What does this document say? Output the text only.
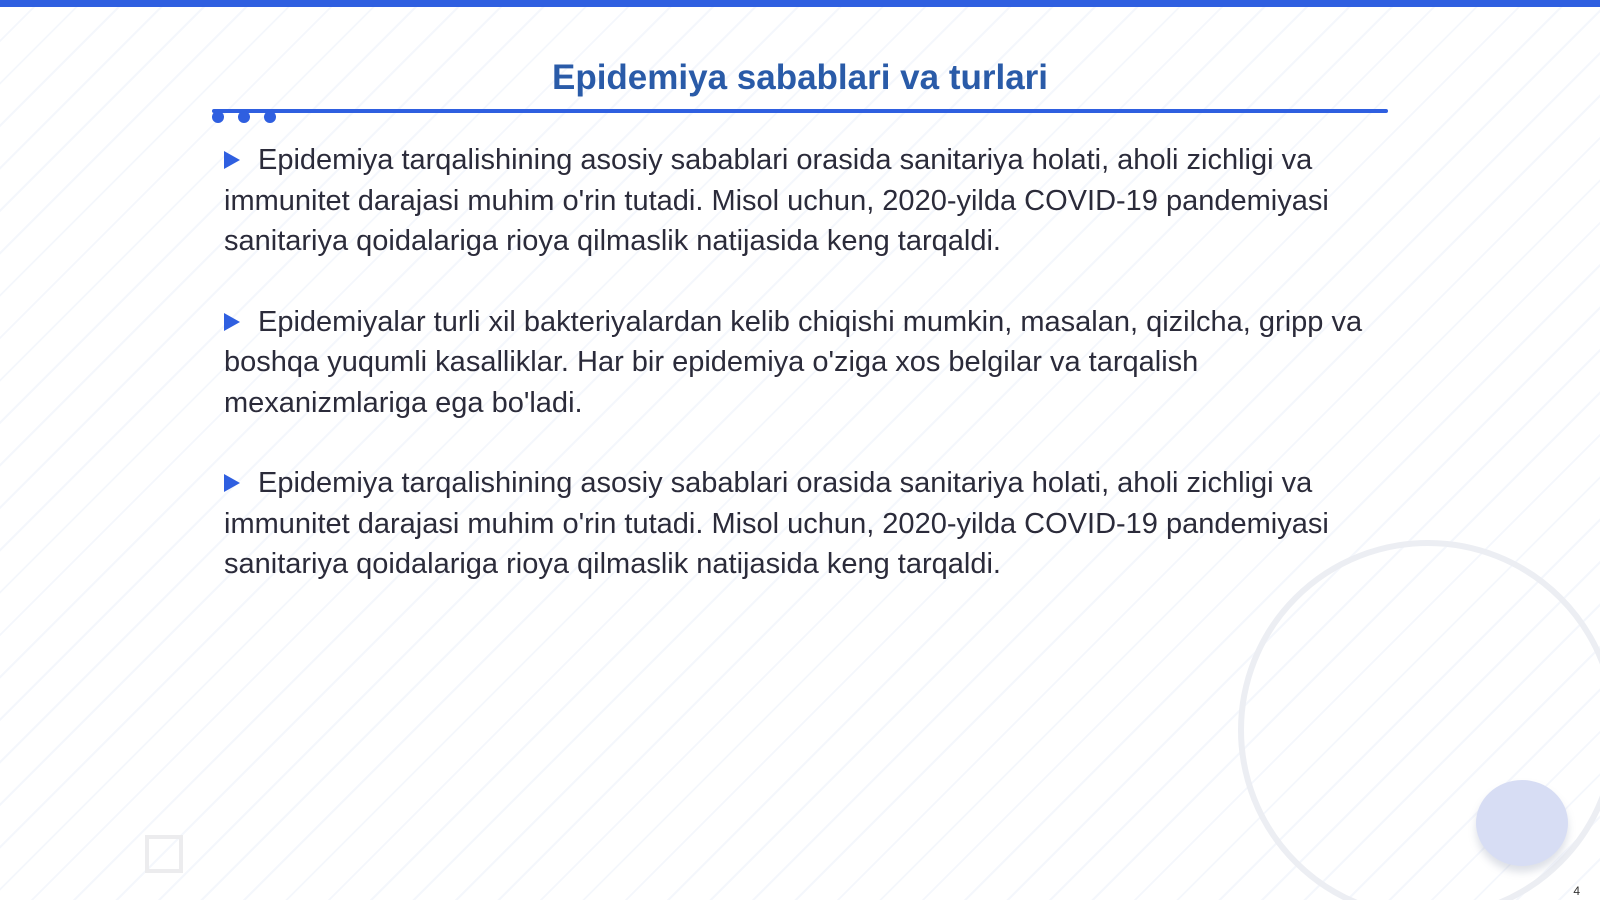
Epidemiya sabablari va turlari

Epidemiya tarqalishining asosiy sabablari orasida sanitariya holati, aholi zichligi va immunitet darajasi muhim o'rin tutadi. Misol uchun, 2020-yilda COVID-19 pandemiyasi sanitariya qoidalariga rioya qilmaslik natijasida keng tarqaldi.

Epidemiyalar turli xil bakteriyalardan kelib chiqishi mumkin, masalan, qizilcha, gripp va boshqa yuqumli kasalliklar. Har bir epidemiya o'ziga xos belgilar va tarqalish mexanizmlariga ega bo'ladi.

Epidemiya tarqalishining asosiy sabablari orasida sanitariya holati, aholi zichligi va immunitet darajasi muhim o'rin tutadi. Misol uchun, 2020-yilda COVID-19 pandemiyasi sanitariya qoidalariga rioya qilmaslik natijasida keng tarqaldi.

4
